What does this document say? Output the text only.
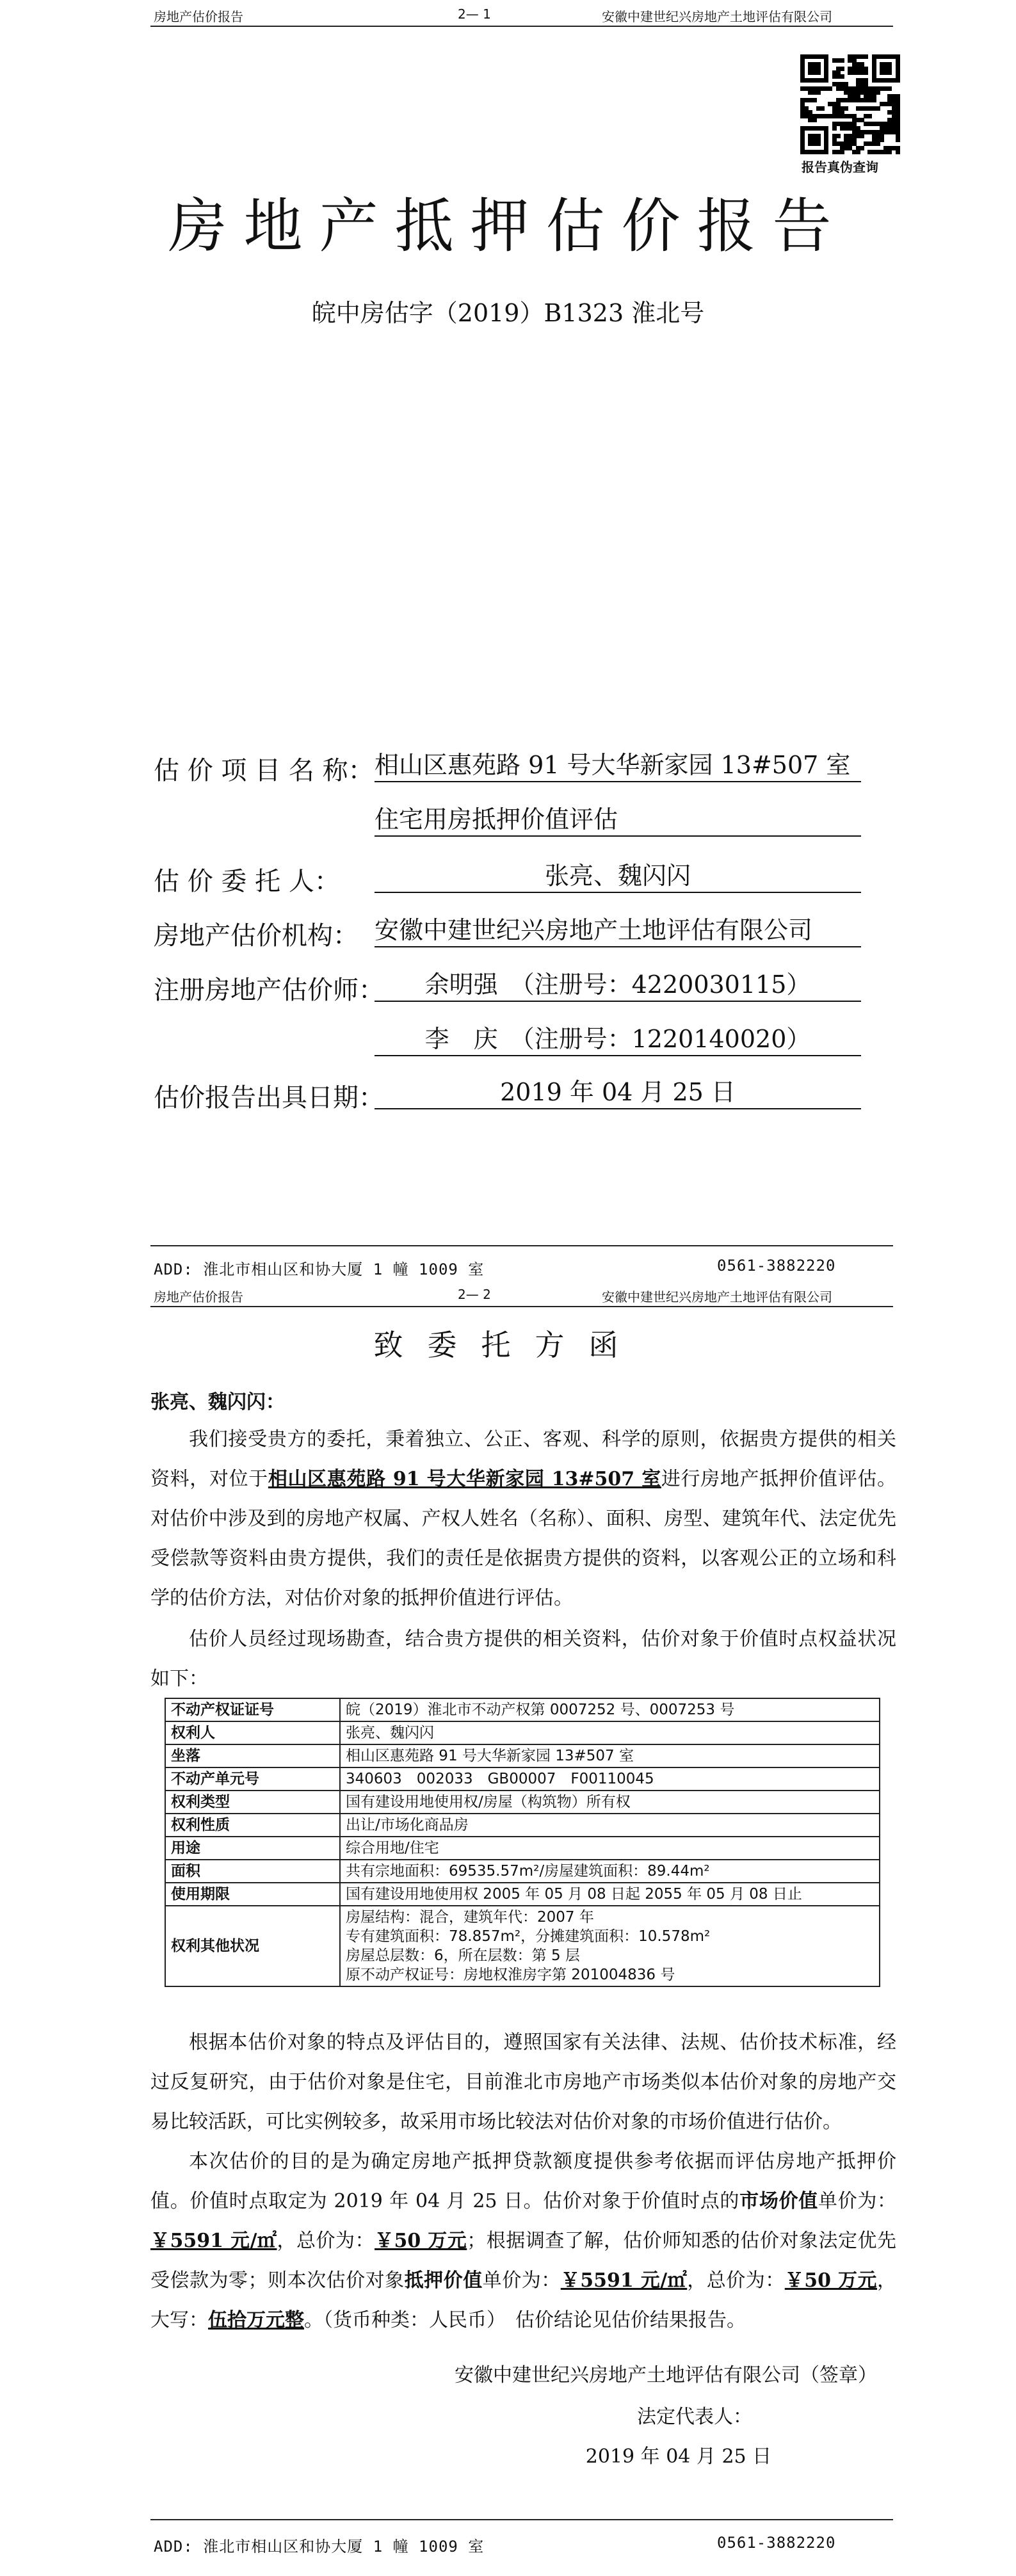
房地产估价报告	2— 1	安徽中建世纪兴房地产土地评估有限公司
报告真伪查询
房地产抵押估价报告
皖中房估字（2019）B1323 淮北号
估 价 项 目 名 称： 相山区惠苑路 91 号大华新家园 13#507 室
住宅用房抵押价值评估
估 价 委 托 人：	张亮、魏闪闪
房地产估价机构： 安徽中建世纪兴房地产土地评估有限公司
注册房地产估价师：	余明强　（注册号：4220030115）
李　庆　（注册号：1220140020）
估价报告出具日期：	2019 年 04 月 25 日
ADD: 淮北市相山区和协大厦 1 幢 1009 室	0561-3882220
房地产估价报告	2— 2	安徽中建世纪兴房地产土地评估有限公司
致委托方函
张亮、魏闪闪：
我们接受贵方的委托，秉着独立、公正、客观、科学的原则，依据贵方提供的相关资料，对位于相山区惠苑路 91 号大华新家园 13#507 室进行房地产抵押价值评估。对估价中涉及到的房地产权属、产权人姓名（名称）、面积、房型、建筑年代、法定优先受偿款等资料由贵方提供，我们的责任是依据贵方提供的资料，以客观公正的立场和科学的估价方法，对估价对象的抵押价值进行评估。
估价人员经过现场勘查，结合贵方提供的相关资料，估价对象于价值时点权益状况如下：
不动产权证证号	皖（2019）淮北市不动产权第 0007252 号、0007253 号

权利人	张亮、魏闪闪

坐落	相山区惠苑路 91 号大华新家园 13#507 室

不动产单元号	340603　002033　GB00007　F00110045

权利类型	国有建设用地使用权/房屋（构筑物）所有权

权利性质	出让/市场化商品房

用途	综合用地/住宅

面积	共有宗地面积：69535.57m²/房屋建筑面积：89.44m²

使用期限	国有建设用地使用权 2005 年 05 月 08 日起 2055 年 05 月 08 日止

权利其他状况	房屋结构：混合，建筑年代：2007 年
专有建筑面积：78.857m²，分摊建筑面积：10.578m²
房屋总层数：6，所在层数：第 5 层
原不动产权证号：房地权淮房字第 201004836 号
根据本估价对象的特点及评估目的，遵照国家有关法律、法规、估价技术标准，经过反复研究，由于估价对象是住宅，目前淮北市房地产市场类似本估价对象的房地产交易比较活跃，可比实例较多，故采用市场比较法对估价对象的市场价值进行估价。
本次估价的目的是为确定房地产抵押贷款额度提供参考依据而评估房地产抵押价值。价值时点取定为 2019 年 04 月 25 日。估价对象于价值时点的市场价值单价为：￥5591 元/㎡，总价为：￥50 万元；根据调查了解，估价师知悉的估价对象法定优先受偿款为零；则本次估价对象抵押价值单价为：￥5591 元/㎡，总价为：￥50 万元，大写：伍拾万元整。（货币种类：人民币）　估价结论见估价结果报告。
安徽中建世纪兴房地产土地评估有限公司（签章）
法定代表人：
2019 年 04 月 25 日
ADD: 淮北市相山区和协大厦 1 幢 1009 室	0561-3882220
